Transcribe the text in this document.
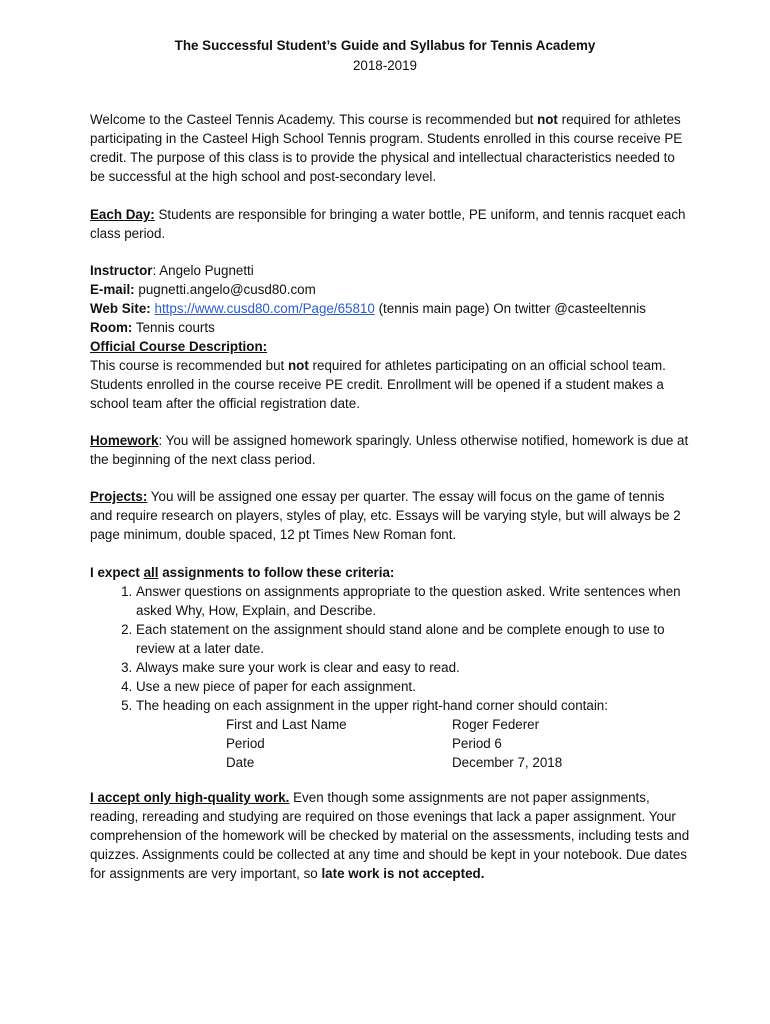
The Successful Student’s Guide and Syllabus for Tennis Academy
2018-2019

Welcome to the Casteel Tennis Academy. This course is recommended but not required for athletes participating in the Casteel High School Tennis program. Students enrolled in this course receive PE credit. The purpose of this class is to provide the physical and intellectual characteristics needed to be successful at the high school and post-secondary level.

Each Day: Students are responsible for bringing a water bottle, PE uniform, and tennis racquet each class period.

Instructor: Angelo Pugnetti

E-mail: pugnetti.angelo@cusd80.com

Web Site: https://www.cusd80.com/Page/65810 (tennis main page) On twitter @casteeltennis

Room: Tennis courts

Official Course Description:

This course is recommended but not required for athletes participating on an official school team. Students enrolled in the course receive PE credit. Enrollment will be opened if a student makes a school team after the official registration date.

Homework: You will be assigned homework sparingly. Unless otherwise notified, homework is due at the beginning of the next class period.

Projects: You will be assigned one essay per quarter. The essay will focus on the game of tennis and require research on players, styles of play, etc. Essays will be varying style, but will always be 2 page minimum, double spaced, 12 pt Times New Roman font.

I expect all assignments to follow these criteria:

1. Answer questions on assignments appropriate to the question asked. Write sentences when asked Why, How, Explain, and Describe.
2. Each statement on the assignment should stand alone and be complete enough to use to review at a later date.
3. Always make sure your work is clear and easy to read.
4. Use a new piece of paper for each assignment.
5. The heading on each assignment in the upper right-hand corner should contain:
First and Last Name	Roger Federer
Period	Period 6
Date	December 7, 2018

I accept only high-quality work. Even though some assignments are not paper assignments, reading, rereading and studying are required on those evenings that lack a paper assignment. Your comprehension of the homework will be checked by material on the assessments, including tests and quizzes. Assignments could be collected at any time and should be kept in your notebook. Due dates for assignments are very important, so late work is not accepted.
